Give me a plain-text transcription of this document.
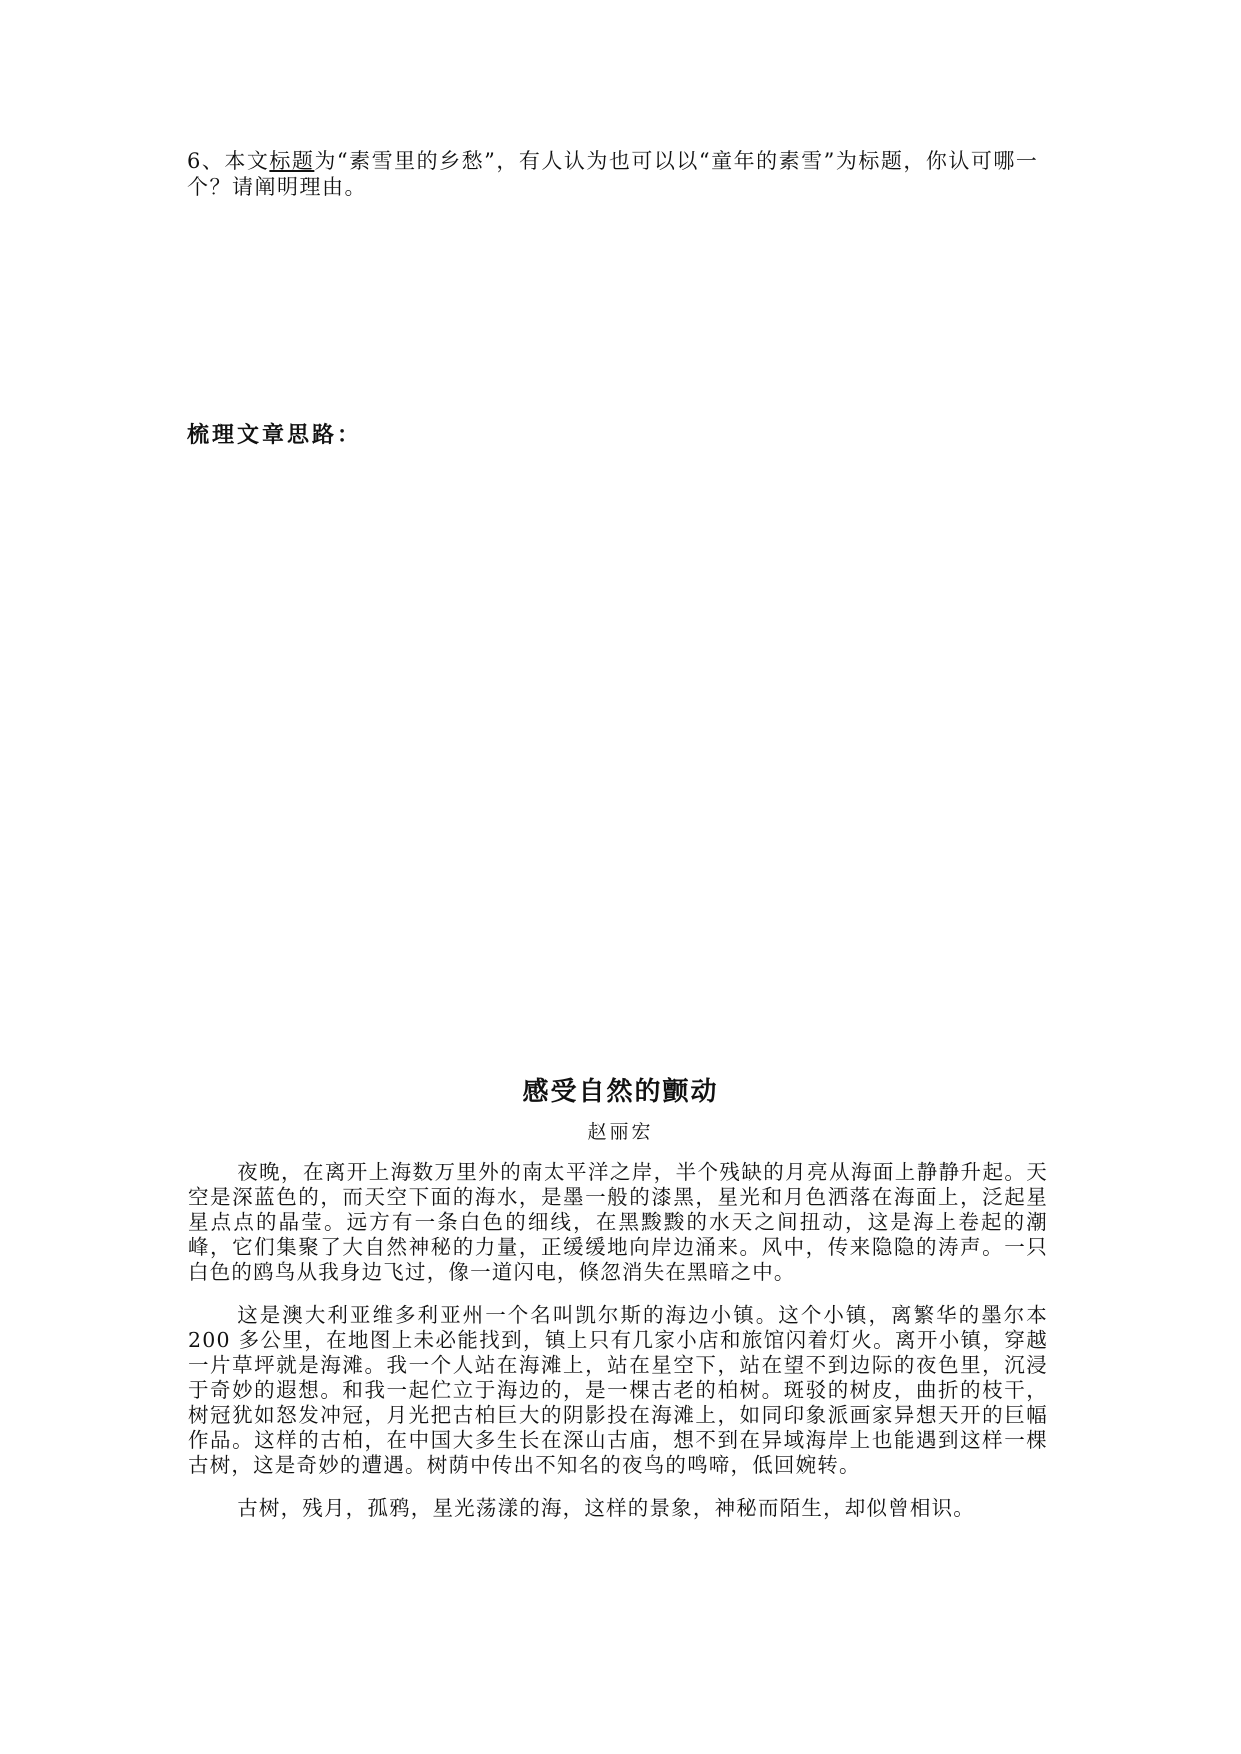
6、本文标题为“素雪里的乡愁”，有人认为也可以以“童年的素雪”为标题，你认可哪一个？请阐明理由。

梳理文章思路：

感受自然的颤动

赵丽宏

夜晚，在离开上海数万里外的南太平洋之岸，半个残缺的月亮从海面上静静升起。天空是深蓝色的，而天空下面的海水，是墨一般的漆黑，星光和月色洒落在海面上，泛起星星点点的晶莹。远方有一条白色的细线，在黑黢黢的水天之间扭动，这是海上卷起的潮峰，它们集聚了大自然神秘的力量，正缓缓地向岸边涌来。风中，传来隐隐的涛声。一只白色的鸥鸟从我身边飞过，像一道闪电，倏忽消失在黑暗之中。

这是澳大利亚维多利亚州一个名叫凯尔斯的海边小镇。这个小镇，离繁华的墨尔本 200 多公里，在地图上未必能找到，镇上只有几家小店和旅馆闪着灯火。离开小镇，穿越一片草坪就是海滩。我一个人站在海滩上，站在星空下，站在望不到边际的夜色里，沉浸于奇妙的遐想。和我一起伫立于海边的，是一棵古老的柏树。斑驳的树皮，曲折的枝干，树冠犹如怒发冲冠，月光把古柏巨大的阴影投在海滩上，如同印象派画家异想天开的巨幅作品。这样的古柏，在中国大多生长在深山古庙，想不到在异域海岸上也能遇到这样一棵古树，这是奇妙的遭遇。树荫中传出不知名的夜鸟的鸣啼，低回婉转。

古树，残月，孤鸦，星光荡漾的海，这样的景象，神秘而陌生，却似曾相识。
